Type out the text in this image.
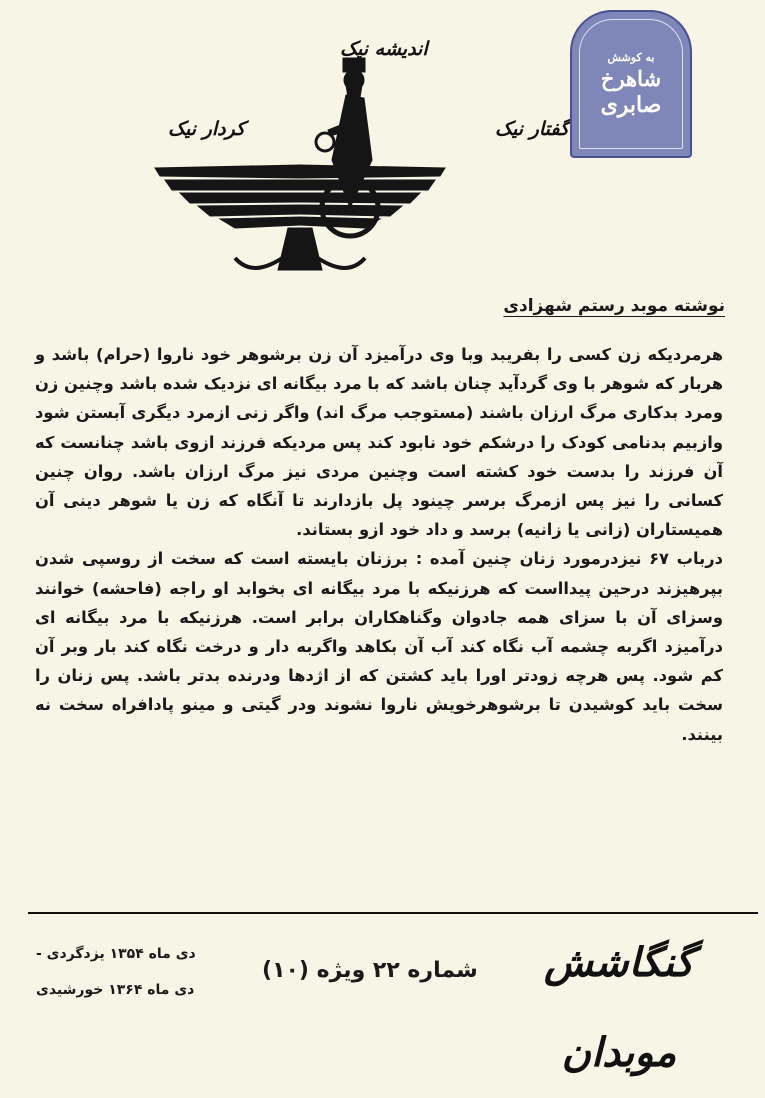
اندیشه نیک
کردار نیک	گفتار نیک
به کوشش
شاهرخ
صابری
نوشته موبد رستم شهزادی

هرمردیکه زن کسی را بفریبد وبا وی درآمیزد آن زن برشوهر خود ناروا (حرام) باشد و هربار که شوهر با وی گردآید چنان باشد که با مرد بیگانه ای نزدیک شده باشد وچنین زن ومرد بدکاری مرگ ارزان باشند (مستوجب مرگ اند) واگر زنی ازمرد دیگری آبستن شود وازبیم بدنامی کودک را درشکم خود نابود کند پس مردیکه فرزند ازوی باشد چنانست که آن فرزند را بدست خود کشته است وچنین مردی نیز مرگ ارزان باشد. روان چنین کسانی را نیز پس ازمرگ برسر چینود پل بازدارند تا آنگاه که زن یا شوهر دینی آن همیستاران (زانی یا زانیه) برسد و داد خود ازو بستاند.

درباب ۶۷ نیزدرمورد زنان چنین آمده : برزنان بایسته است که سخت از روسپی شدن بپرهیزند درحین پیدااست که هرزنیکه با مرد بیگانه ای بخوابد او راجه (فاحشه) خوانند وسزای آن با سزای همه جادوان وگناهکاران برابر است. هرزنیکه با مرد بیگانه ای درآمیزد اگربه چشمه آب نگاه کند آب آن بکاهد واگربه دار و درخت نگاه کند بار وبر آن کم شود. پس هرچه زودتر اورا باید کشتن که از اژدها ودرنده بدتر باشد. پس زنان را سخت باید کوشیدن تا برشوهرخویش ناروا نشوند ودر گیتی و مینو پادافراه سخت نه بینند.

گنگاشش موبدان
شماره ۲۲ ویژه (۱۰)
دی ماه ۱۳۵۴ یزدگردی -
دی ماه ۱۳۶۴ خورشیدی
